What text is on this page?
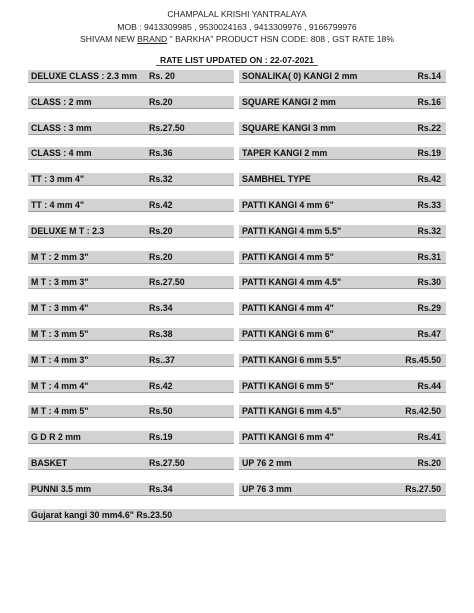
CHAMPALAL KRISHI YANTRALAYA
MOB : 9413309985 , 9530024163 , 9413309976 , 9166799976
SHIVAM NEW BRAND " BARKHA" PRODUCT HSN CODE: 808 , GST RATE 18%
RATE LIST UPDATED ON : 22-07-2021
DELUXE CLASS : 2.3 mm Rs. 20	SONALIKA( 0) KANGI 2 mm	Rs.14
CLASS : 2 mm	Rs.20	SQUARE KANGI 2 mm	Rs.16
CLASS : 3 mm	Rs.27.50	SQUARE KANGI 3 mm	Rs.22
CLASS : 4 mm	Rs.36	TAPER KANGI 2 mm	Rs.19
TT : 3 mm 4"	Rs.32	SAMBHEL TYPE	Rs.42
TT : 4 mm 4"	Rs.42	PATTI KANGI 4 mm 6"	Rs.33
DELUXE M T : 2.3	Rs.20	PATTI KANGI 4 mm 5.5"	Rs.32
M T : 2 mm 3"	Rs.20	PATTI KANGI 4 mm 5"	Rs.31
M T : 3 mm 3"	Rs.27.50	PATTI KANGI 4 mm 4.5"	Rs.30
M T : 3 mm 4"	Rs.34	PATTI KANGI 4 mm 4"	Rs.29
M T : 3 mm 5"	Rs.38	PATTI KANGI 6 mm 6"	Rs.47
M T : 4 mm 3"	Rs..37	PATTI KANGI 6 mm 5.5"	Rs.45.50
M T : 4 mm 4"	Rs.42	PATTI KANGI 6 mm 5"	Rs.44
M T : 4 mm 5"	Rs.50	PATTI KANGI 6 mm 4.5"	Rs.42.50
G D R 2 mm	Rs.19	PATTI KANGI 6 mm 4"	Rs.41
BASKET	Rs.27.50	UP 76 2 mm	Rs.20
PUNNI 3.5 mm	Rs.34	UP 76 3 mm	Rs.27.50
Gujarat kangi 30 mm4.6" Rs.23.50
